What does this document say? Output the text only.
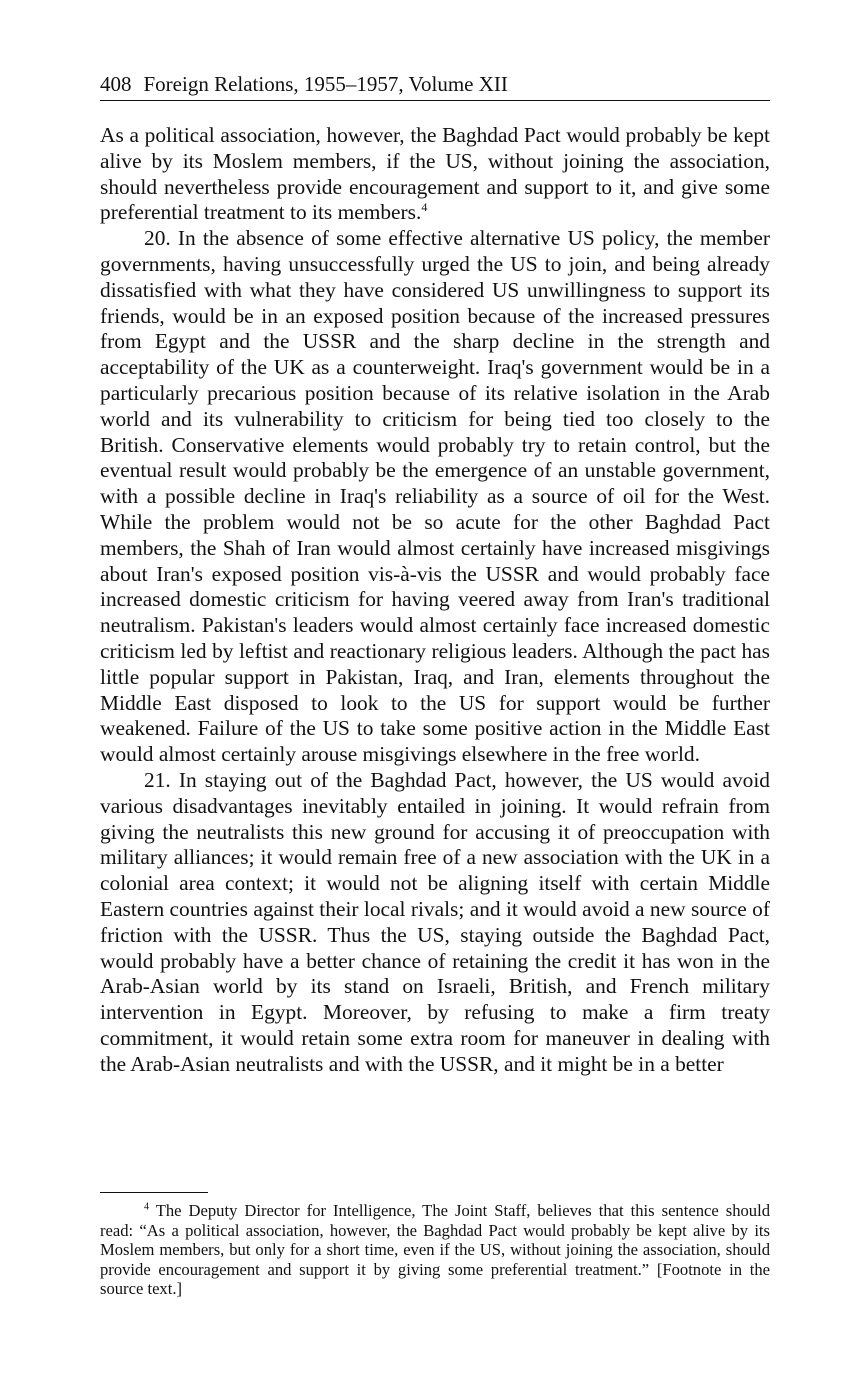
408 Foreign Relations, 1955–1957, Volume XII

As a political association, however, the Baghdad Pact would probably be kept alive by its Moslem members, if the US, without joining the association, should nevertheless provide encouragement and support to it, and give some preferential treatment to its members.$^4$

20. In the absence of some effective alternative US policy, the member governments, having unsuccessfully urged the US to join, and being already dissatisfied with what they have considered US unwillingness to support its friends, would be in an exposed position because of the increased pressures from Egypt and the USSR and the sharp decline in the strength and acceptability of the UK as a counterweight. Iraq's government would be in a particularly precarious position because of its relative isolation in the Arab world and its vulnerability to criticism for being tied too closely to the British. Conservative elements would probably try to retain control, but the eventual result would probably be the emergence of an unstable government, with a possible decline in Iraq's reliability as a source of oil for the West. While the problem would not be so acute for the other Baghdad Pact members, the Shah of Iran would almost certainly have increased misgivings about Iran's exposed position vis-à-vis the USSR and would probably face increased domestic criticism for having veered away from Iran's traditional neutralism. Pakistan's leaders would almost certainly face increased domestic criticism led by leftist and reactionary religious leaders. Although the pact has little popular support in Pakistan, Iraq, and Iran, elements throughout the Middle East disposed to look to the US for support would be further weakened. Failure of the US to take some positive action in the Middle East would almost certainly arouse misgivings elsewhere in the free world.

21. In staying out of the Baghdad Pact, however, the US would avoid various disadvantages inevitably entailed in joining. It would refrain from giving the neutralists this new ground for accusing it of preoccupation with military alliances; it would remain free of a new association with the UK in a colonial area context; it would not be aligning itself with certain Middle Eastern countries against their local rivals; and it would avoid a new source of friction with the USSR. Thus the US, staying outside the Baghdad Pact, would probably have a better chance of retaining the credit it has won in the Arab-Asian world by its stand on Israeli, British, and French military intervention in Egypt. Moreover, by refusing to make a firm treaty commitment, it would retain some extra room for maneuver in dealing with the Arab-Asian neutralists and with the USSR, and it might be in a better

$^4$ The Deputy Director for Intelligence, The Joint Staff, believes that this sentence should read: “As a political association, however, the Baghdad Pact would probably be kept alive by its Moslem members, but only for a short time, even if the US, without joining the association, should provide encouragement and support it by giving some preferential treatment.” [Footnote in the source text.]
